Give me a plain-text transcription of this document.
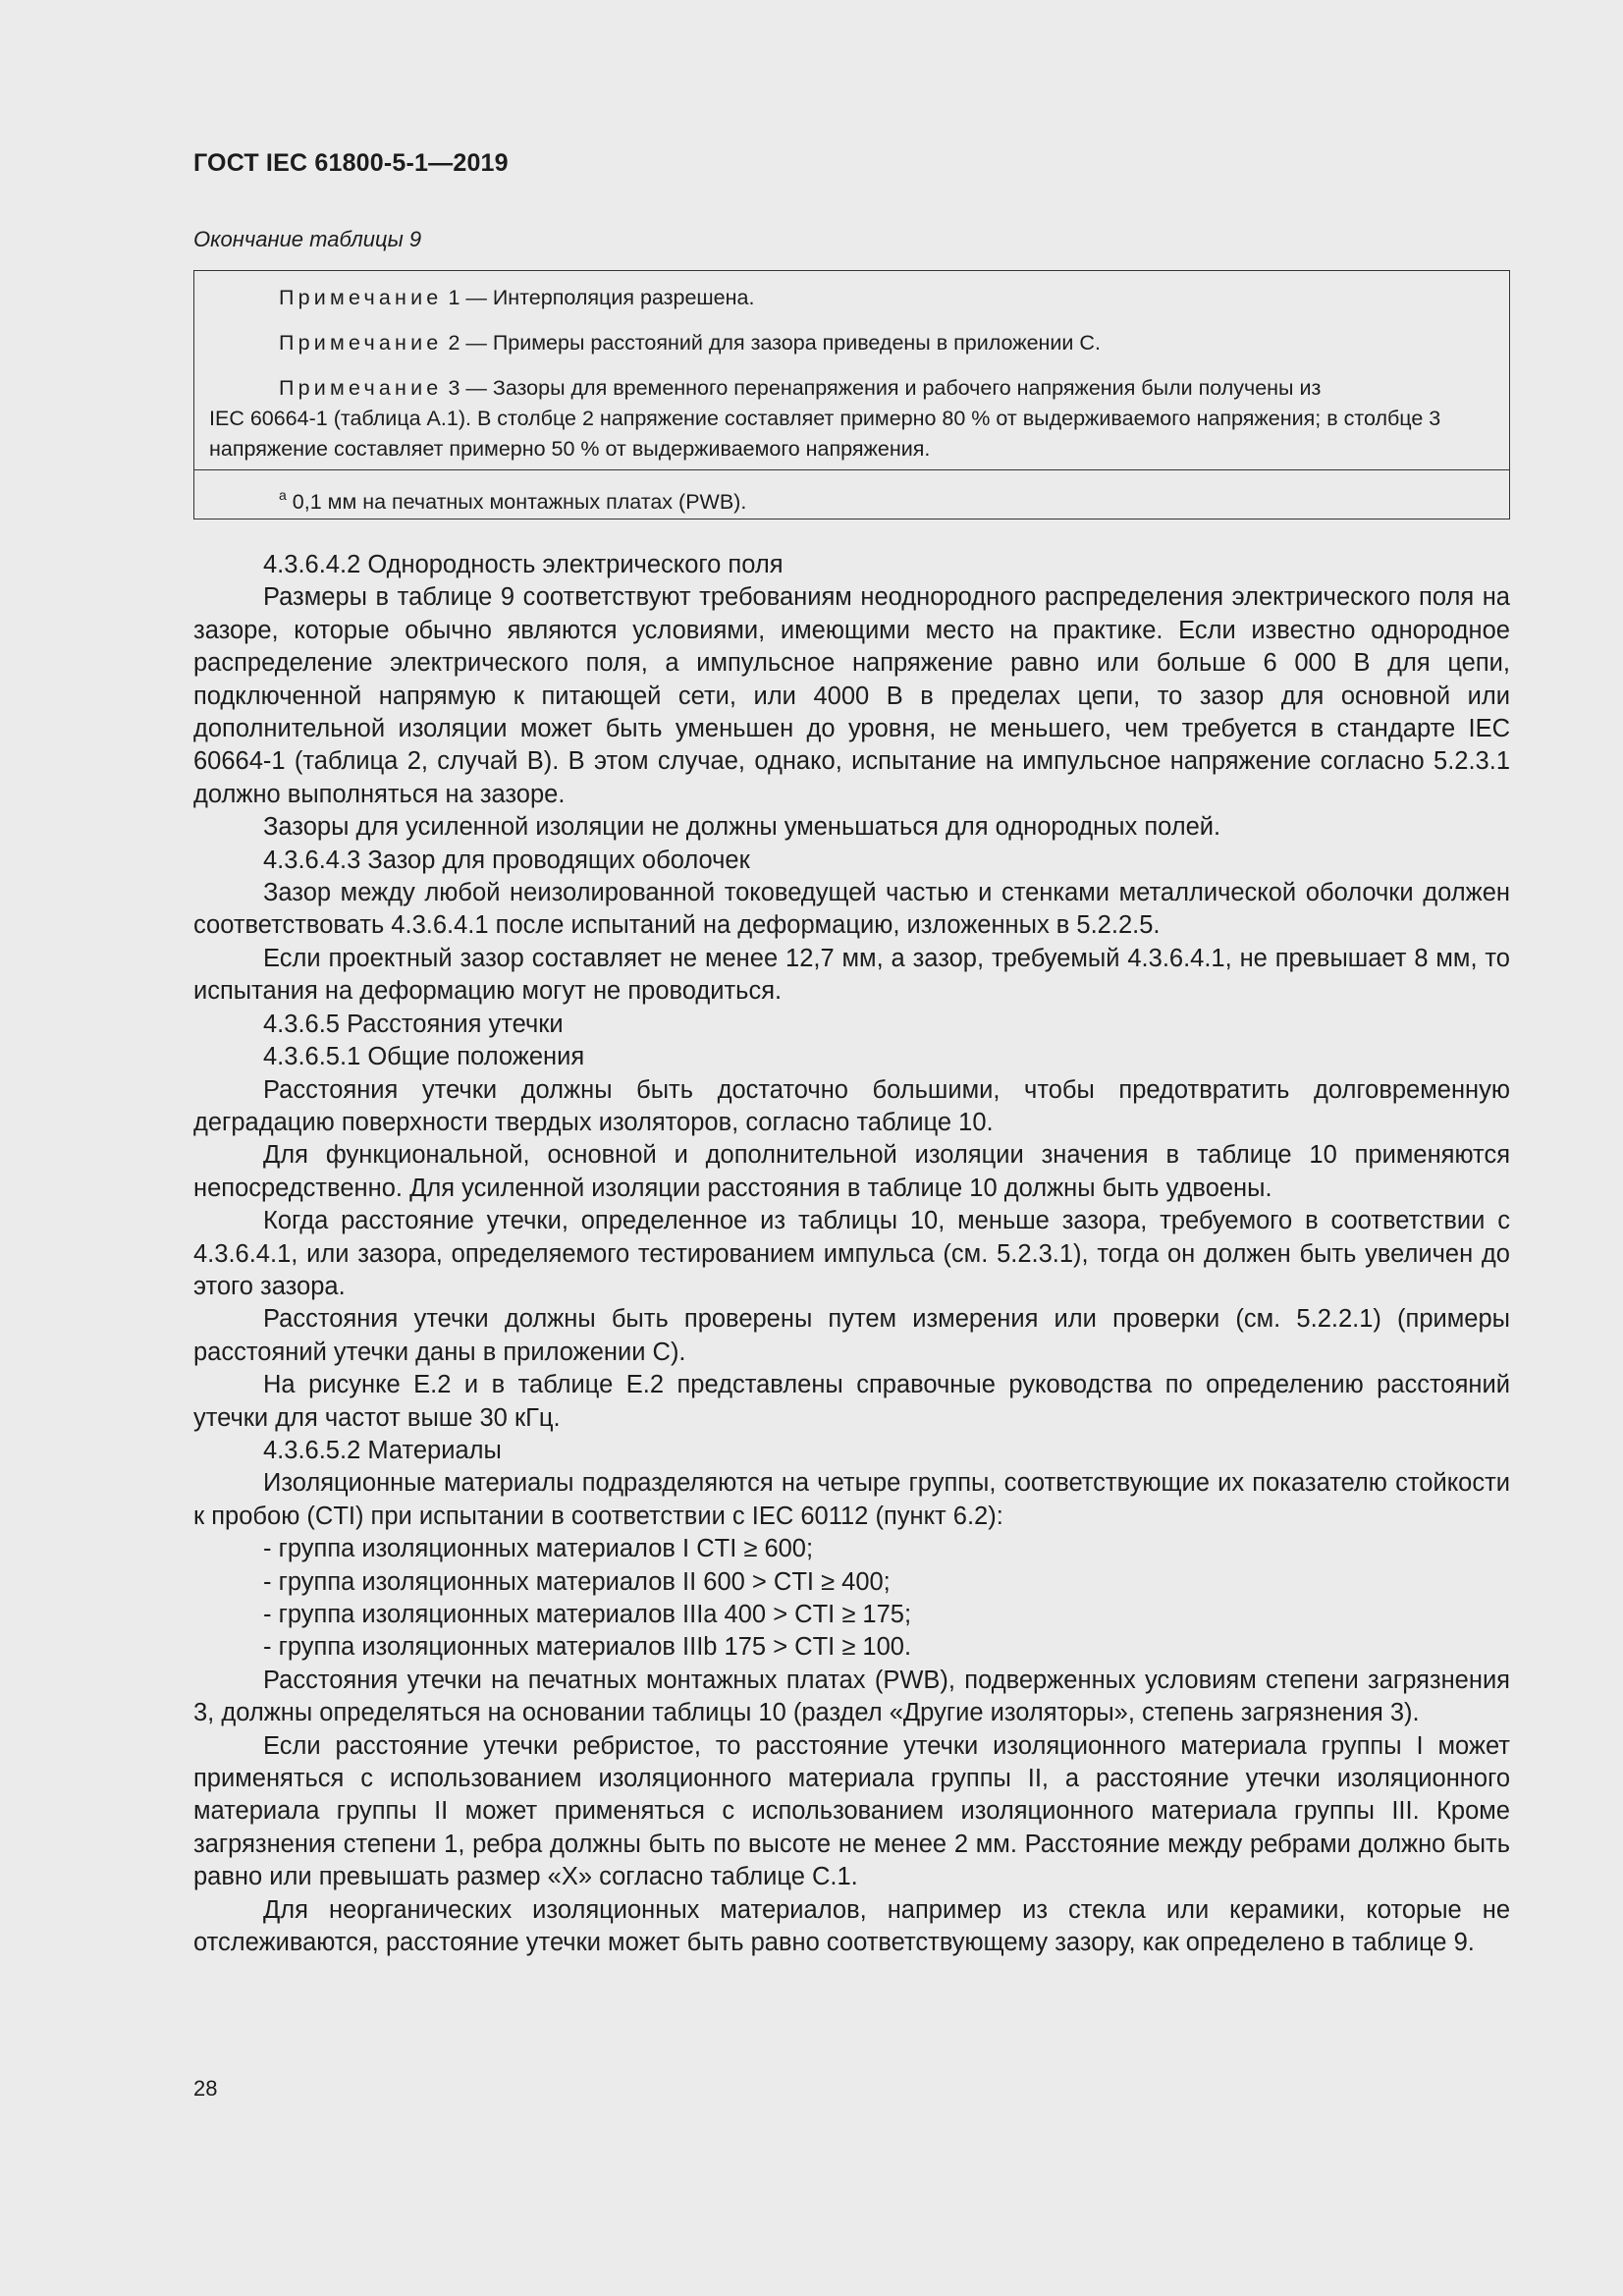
ГОСТ IEC 61800-5-1—2019
Окончание таблицы 9
Примечание 1 — Интерполяция разрешена.
Примечание 2 — Примеры расстояний для зазора приведены в приложении С.
Примечание 3 — Зазоры для временного перенапряжения и рабочего напряжения были получены из
IEC 60664-1 (таблица А.1). В столбце 2 напряжение составляет примерно 80 % от выдерживаемого напряжения; в столбце 3 напряжение составляет примерно 50 % от выдерживаемого напряжения.
$^a$ 0,1 мм на печатных монтажных платах (PWB).

4.3.6.4.2 Однородность электрического поля

Размеры в таблице 9 соответствуют требованиям неоднородного распределения электрического поля на зазоре, которые обычно являются условиями, имеющими место на практике. Если известно однородное распределение электрического поля, а импульсное напряжение равно или больше 6 000 В для цепи, подключенной напрямую к питающей сети, или 4000 В в пределах цепи, то зазор для основной или дополнительной изоляции может быть уменьшен до уровня, не меньшего, чем требуется в стандарте IEC 60664-1 (таблица 2, случай В). В этом случае, однако, испытание на импульсное напряжение согласно 5.2.3.1 должно выполняться на зазоре.

Зазоры для усиленной изоляции не должны уменьшаться для однородных полей.

4.3.6.4.3 Зазор для проводящих оболочек

Зазор между любой неизолированной токоведущей частью и стенками металлической оболочки должен соответствовать 4.3.6.4.1 после испытаний на деформацию, изложенных в 5.2.2.5.

Если проектный зазор составляет не менее 12,7 мм, а зазор, требуемый 4.3.6.4.1, не превышает 8 мм, то испытания на деформацию могут не проводиться.

4.3.6.5 Расстояния утечки

4.3.6.5.1 Общие положения

Расстояния утечки должны быть достаточно большими, чтобы предотвратить долговременную деградацию поверхности твердых изоляторов, согласно таблице 10.

Для функциональной, основной и дополнительной изоляции значения в таблице 10 применяются непосредственно. Для усиленной изоляции расстояния в таблице 10 должны быть удвоены.

Когда расстояние утечки, определенное из таблицы 10, меньше зазора, требуемого в соответствии с 4.3.6.4.1, или зазора, определяемого тестированием импульса (см. 5.2.3.1), тогда он должен быть увеличен до этого зазора.

Расстояния утечки должны быть проверены путем измерения или проверки (см. 5.2.2.1) (примеры расстояний утечки даны в приложении С).

На рисунке Е.2 и в таблице Е.2 представлены справочные руководства по определению расстояний утечки для частот выше 30 кГц.

4.3.6.5.2 Материалы

Изоляционные материалы подразделяются на четыре группы, соответствующие их показателю стойкости к пробою (CTI) при испытании в соответствии с IEC 60112 (пункт 6.2):

- группа изоляционных материалов I CTI ≥ 600;

- группа изоляционных материалов II 600 > CTI ≥ 400;

- группа изоляционных материалов IIIа 400 > CTI ≥ 175;

- группа изоляционных материалов IIIb 175 > CTI ≥ 100.

Расстояния утечки на печатных монтажных платах (PWB), подверженных условиям степени загрязнения 3, должны определяться на основании таблицы 10 (раздел «Другие изоляторы», степень загрязнения 3).

Если расстояние утечки ребристое, то расстояние утечки изоляционного материала группы I может применяться с использованием изоляционного материала группы II, а расстояние утечки изоляционного материала группы II может применяться с использованием изоляционного материала группы III. Кроме загрязнения степени 1, ребра должны быть по высоте не менее 2 мм. Расстояние между ребрами должно быть равно или превышать размер «Х» согласно таблице С.1.

Для неорганических изоляционных материалов, например из стекла или керамики, которые не отслеживаются, расстояние утечки может быть равно соответствующему зазору, как определено в таблице 9.

28
